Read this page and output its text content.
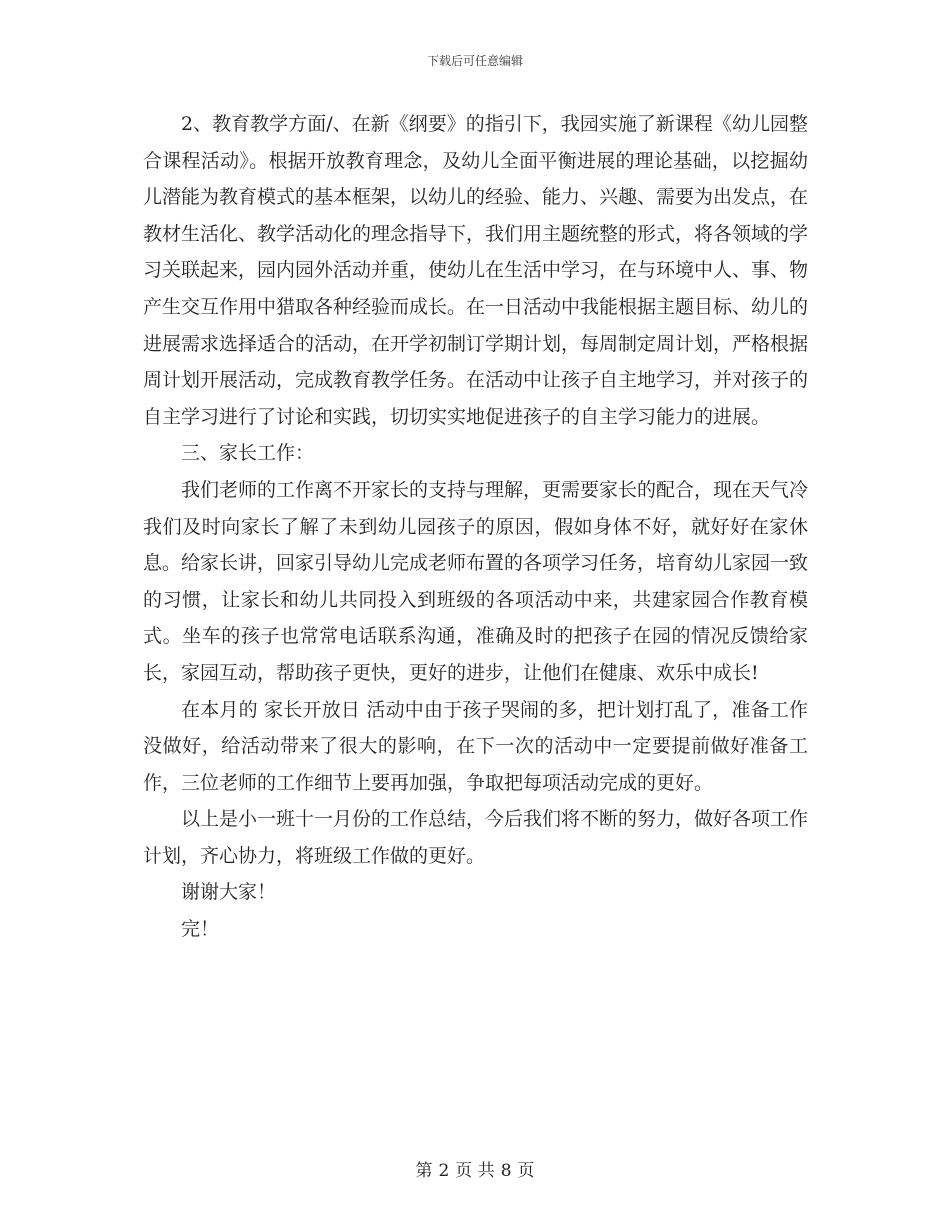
下载后可任意编辑

2、教育教学方面/、在新《纲要》的指引下，我园实施了新课程《幼儿园整合课程活动》。根据开放教育理念，及幼儿全面平衡进展的理论基础，以挖掘幼儿潜能为教育模式的基本框架，以幼儿的经验、能力、兴趣、需要为出发点，在教材生活化、教学活动化的理念指导下，我们用主题统整的形式，将各领域的学习关联起来，园内园外活动并重，使幼儿在生活中学习，在与环境中人、事、物产生交互作用中猎取各种经验而成长。在一日活动中我能根据主题目标、幼儿的进展需求选择适合的活动，在开学初制订学期计划，每周制定周计划，严格根据周计划开展活动，完成教育教学任务。在活动中让孩子自主地学习，并对孩子的自主学习进行了讨论和实践，切切实实地促进孩子的自主学习能力的进展。

三、家长工作：

我们老师的工作离不开家长的支持与理解，更需要家长的配合，现在天气冷我们及时向家长了解了未到幼儿园孩子的原因，假如身体不好，就好好在家休息。给家长讲，回家引导幼儿完成老师布置的各项学习任务，培育幼儿家园一致的习惯，让家长和幼儿共同投入到班级的各项活动中来，共建家园合作教育模式。坐车的孩子也常常电话联系沟通，准确及时的把孩子在园的情况反馈给家长，家园互动，帮助孩子更快，更好的进步，让他们在健康、欢乐中成长!

在本月的 家长开放日 活动中由于孩子哭闹的多，把计划打乱了，准备工作没做好，给活动带来了很大的影响，在下一次的活动中一定要提前做好准备工作，三位老师的工作细节上要再加强，争取把每项活动完成的更好。

以上是小一班十一月份的工作总结，今后我们将不断的努力，做好各项工作计划，齐心协力，将班级工作做的更好。

谢谢大家！

完！

第 2 页 共 8 页
